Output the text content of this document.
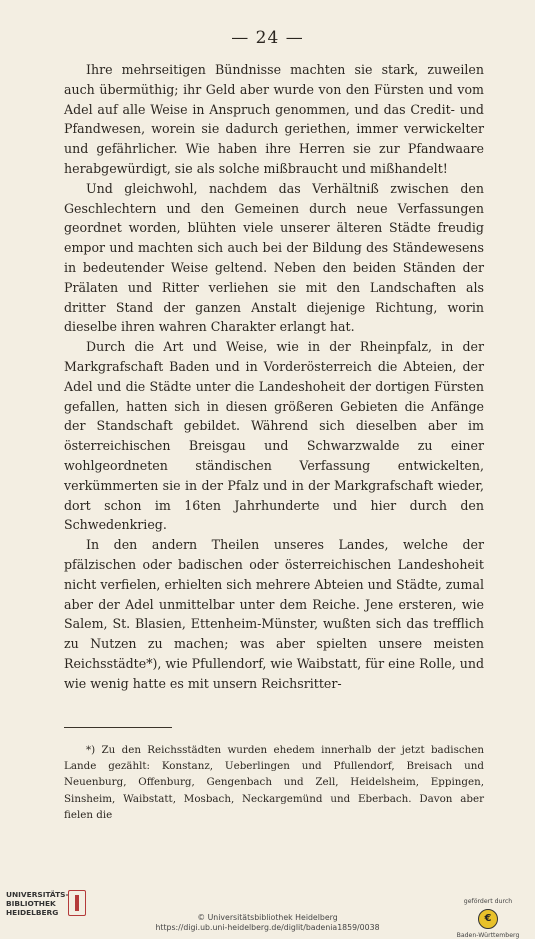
— 24 —

Ihre mehrseitigen Bündnisse machten sie stark, zuweilen auch übermüthig; ihr Geld aber wurde von den Fürsten und vom Adel auf alle Weise in Anspruch genommen, und das Credit- und Pfandwesen, worein sie dadurch geriethen, immer verwickelter und gefährlicher. Wie haben ihre Herren sie zur Pfandwaare herabgewürdigt, sie als solche mißbraucht und mißhandelt!

Und gleichwohl, nachdem das Verhältniß zwischen den Geschlechtern und den Gemeinen durch neue Verfassungen geordnet worden, blühten viele unserer älteren Städte freudig empor und machten sich auch bei der Bildung des Ständewesens in bedeutender Weise geltend. Neben den beiden Ständen der Prälaten und Ritter verliehen sie mit den Landschaften als dritter Stand der ganzen Anstalt diejenige Richtung, worin dieselbe ihren wahren Charakter erlangt hat.

Durch die Art und Weise, wie in der Rheinpfalz, in der Markgrafschaft Baden und in Vorderösterreich die Abteien, der Adel und die Städte unter die Landeshoheit der dortigen Fürsten gefallen, hatten sich in diesen größeren Gebieten die Anfänge der Standschaft gebildet. Während sich dieselben aber im österreichischen Breisgau und Schwarzwalde zu einer wohlgeordneten ständischen Verfassung entwickelten, verkümmerten sie in der Pfalz und in der Markgrafschaft wieder, dort schon im 16ten Jahrhunderte und hier durch den Schwedenkrieg.

In den andern Theilen unseres Landes, welche der pfälzischen oder badischen oder österreichischen Landeshoheit nicht verfielen, erhielten sich mehrere Abteien und Städte, zumal aber der Adel unmittelbar unter dem Reiche. Jene ersteren, wie Salem, St. Blasien, Ettenheim-Münster, wußten sich das trefflich zu Nutzen zu machen; was aber spielten unsere meisten Reichsstädte*), wie Pfullendorf, wie Waibstatt, für eine Rolle, und wie wenig hatte es mit unsern Reichsritter-

*) Zu den Reichsstädten wurden ehedem innerhalb der jetzt badischen Lande gezählt: Konstanz, Ueberlingen und Pfullendorf, Breisach und Neuenburg, Offenburg, Gengenbach und Zell, Heidelsheim, Eppingen, Sinsheim, Waibstatt, Mosbach, Neckargemünd und Eberbach. Davon aber fielen die

UNIVERSITÄTS-
BIBLIOTHEK
HEIDELBERG
© Universitätsbibliothek Heidelberg
https://digi.ub.uni-heidelberg.de/diglit/badenia1859/0038
gefördert durch
€
Baden-Württemberg
